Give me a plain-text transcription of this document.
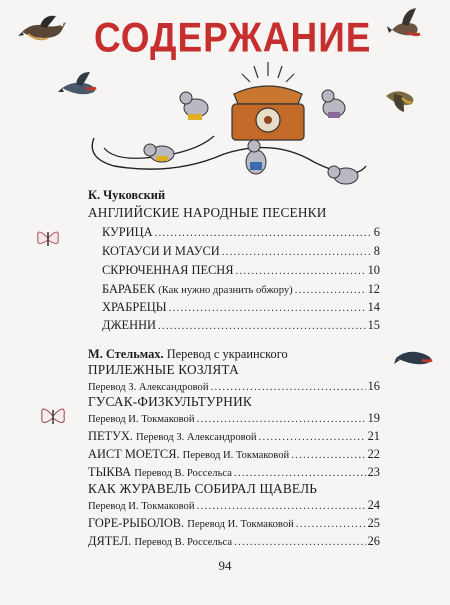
СОДЕРЖАНИЕ
К. Чуковский
АНГЛИЙСКИЕ НАРОДНЫЕ ПЕСЕНКИ
КУРИЦА .....	6
КОТАУСИ И МАУСИ .....	8
СКРЮЧЕННАЯ ПЕСНЯ .....	10
БАРАБЕК
(Как нужно дразнить обжору) .....	12
ХРАБРЕЦЫ .....	14
ДЖЕННИ .....	15
М. Стельмах. Перевод с украинского
ПРИЛЕЖНЫЕ КОЗЛЯТА
Перевод З. Александровой .....	16
ГУСАК-ФИЗКУЛЬТУРНИК
Перевод И. Токмаковой .....	19
ПЕТУХ.
Перевод З. Александровой .....	21
АИСТ МОЕТСЯ.
Перевод И. Токмаковой .....	22
ТЫКВА
Перевод В. Россельса .....	23
КАК ЖУРАВЕЛЬ СОБИРАЛ ЩАВЕЛЬ
Перевод И. Токмаковой .....	24
ГОРЕ-РЫБОЛОВ.
Перевод И. Токмаковой .....	25
ДЯТЕЛ.
Перевод В. Россельса .....	26
94
